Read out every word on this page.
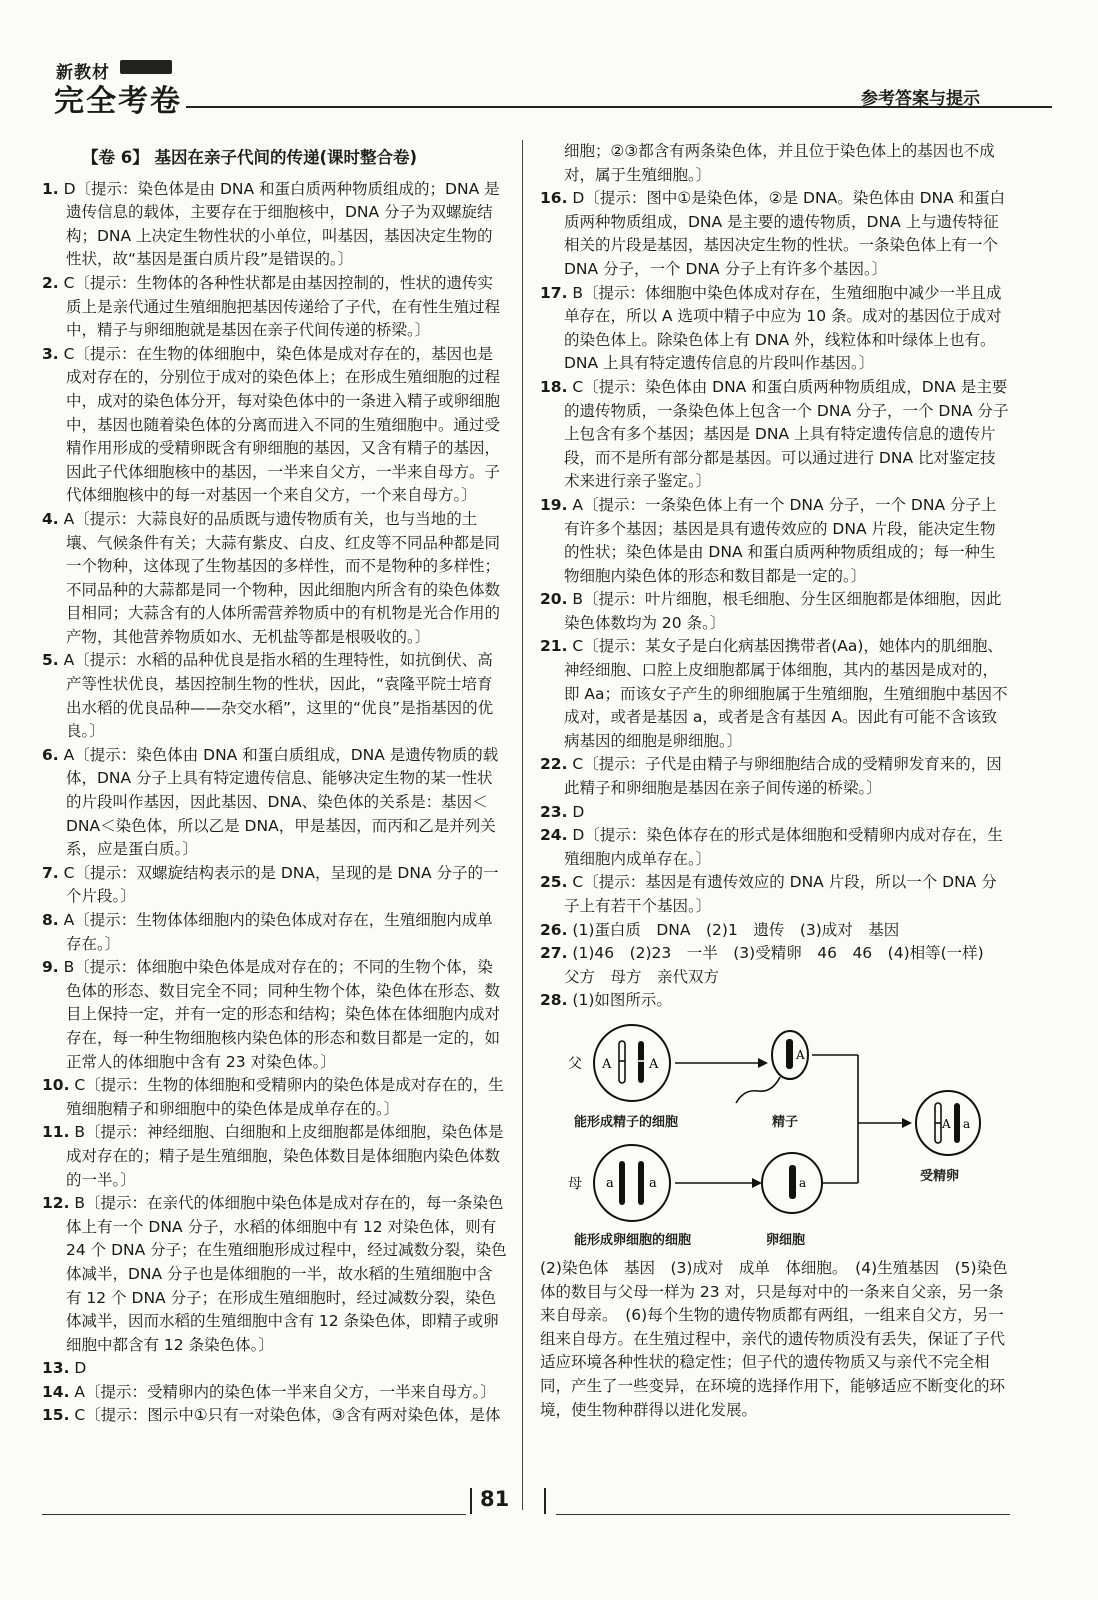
新教材
完全考卷	参考答案与提示
【卷 6】 基因在亲子代间的传递(课时整合卷)

1. D〔提示：染色体是由 DNA 和蛋白质两种物质组成的；DNA 是遗传信息的载体，主要存在于细胞核中，DNA 分子为双螺旋结构；DNA 上决定生物性状的小单位，叫基因，基因决定生物的性状，故“基因是蛋白质片段”是错误的。〕

2. C〔提示：生物体的各种性状都是由基因控制的，性状的遗传实质上是亲代通过生殖细胞把基因传递给了子代，在有性生殖过程中，精子与卵细胞就是基因在亲子代间传递的桥梁。〕

3. C〔提示：在生物的体细胞中，染色体是成对存在的，基因也是成对存在的，分别位于成对的染色体上；在形成生殖细胞的过程中，成对的染色体分开，每对染色体中的一条进入精子或卵细胞中，基因也随着染色体的分离而进入不同的生殖细胞中。通过受精作用形成的受精卵既含有卵细胞的基因，又含有精子的基因，因此子代体细胞核中的基因，一半来自父方，一半来自母方。子代体细胞核中的每一对基因一个来自父方，一个来自母方。〕

4. A〔提示：大蒜良好的品质既与遗传物质有关，也与当地的土壤、气候条件有关；大蒜有紫皮、白皮、红皮等不同品种都是同一个物种，这体现了生物基因的多样性，而不是物种的多样性；不同品种的大蒜都是同一个物种，因此细胞内所含有的染色体数目相同；大蒜含有的人体所需营养物质中的有机物是光合作用的产物，其他营养物质如水、无机盐等都是根吸收的。〕

5. A〔提示：水稻的品种优良是指水稻的生理特性，如抗倒伏、高产等性状优良，基因控制生物的性状，因此，“袁隆平院士培育出水稻的优良品种——杂交水稻”，这里的“优良”是指基因的优良。〕

6. A〔提示：染色体由 DNA 和蛋白质组成，DNA 是遗传物质的载体，DNA 分子上具有特定遗传信息、能够决定生物的某一性状的片段叫作基因，因此基因、DNA、染色体的关系是：基因＜DNA＜染色体，所以乙是 DNA，甲是基因，而丙和乙是并列关系，应是蛋白质。〕

7. C〔提示：双螺旋结构表示的是 DNA，呈现的是 DNA 分子的一个片段。〕

8. A〔提示：生物体体细胞内的染色体成对存在，生殖细胞内成单存在。〕

9. B〔提示：体细胞中染色体是成对存在的；不同的生物个体，染色体的形态、数目完全不同；同种生物个体，染色体在形态、数目上保持一定，并有一定的形态和结构；染色体在体细胞内成对存在，每一种生物细胞核内染色体的形态和数目都是一定的，如正常人的体细胞中含有 23 对染色体。〕

10. C〔提示：生物的体细胞和受精卵内的染色体是成对存在的，生殖细胞精子和卵细胞中的染色体是成单存在的。〕

11. B〔提示：神经细胞、白细胞和上皮细胞都是体细胞，染色体是成对存在的；精子是生殖细胞，染色体数目是体细胞内染色体数的一半。〕

12. B〔提示：在亲代的体细胞中染色体是成对存在的，每一条染色体上有一个 DNA 分子，水稻的体细胞中有 12 对染色体，则有 24 个 DNA 分子；在生殖细胞形成过程中，经过减数分裂，染色体减半，DNA 分子也是体细胞的一半，故水稻的生殖细胞中含有 12 个 DNA 分子；在形成生殖细胞时，经过减数分裂，染色体减半，因而水稻的生殖细胞中含有 12 条染色体，即精子或卵细胞中都含有 12 条染色体。〕

13. D

14. A〔提示：受精卵内的染色体一半来自父方，一半来自母方。〕

15. C〔提示：图示中①只有一对染色体，③含有两对染色体，是体

细胞；②③都含有两条染色体，并且位于染色体上的基因也不成对，属于生殖细胞。〕

16. D〔提示：图中①是染色体，②是 DNA。染色体由 DNA 和蛋白质两种物质组成，DNA 是主要的遗传物质，DNA 上与遗传特征相关的片段是基因，基因决定生物的性状。一条染色体上有一个 DNA 分子，一个 DNA 分子上有许多个基因。〕

17. B〔提示：体细胞中染色体成对存在，生殖细胞中减少一半且成单存在，所以 A 选项中精子中应为 10 条。成对的基因位于成对的染色体上。除染色体上有 DNA 外，线粒体和叶绿体上也有。DNA 上具有特定遗传信息的片段叫作基因。〕

18. C〔提示：染色体由 DNA 和蛋白质两种物质组成，DNA 是主要的遗传物质，一条染色体上包含一个 DNA 分子，一个 DNA 分子上包含有多个基因；基因是 DNA 上具有特定遗传信息的遗传片段，而不是所有部分都是基因。可以通过进行 DNA 比对鉴定技术来进行亲子鉴定。〕

19. A〔提示：一条染色体上有一个 DNA 分子，一个 DNA 分子上有许多个基因；基因是具有遗传效应的 DNA 片段，能决定生物的性状；染色体是由 DNA 和蛋白质两种物质组成的；每一种生物细胞内染色体的形态和数目都是一定的。〕

20. B〔提示：叶片细胞，根毛细胞、分生区细胞都是体细胞，因此染色体数均为 20 条。〕

21. C〔提示：某女子是白化病基因携带者(Aa)，她体内的肌细胞、神经细胞、口腔上皮细胞都属于体细胞，其内的基因是成对的，即 Aa；而该女子产生的卵细胞属于生殖细胞，生殖细胞中基因不成对，或者是基因 a，或者是含有基因 A。因此有可能不含该致病基因的细胞是卵细胞。〕

22. C〔提示：子代是由精子与卵细胞结合成的受精卵发育来的，因此精子和卵细胞是基因在亲子间传递的桥梁。〕

23. D

24. D〔提示：染色体存在的形式是体细胞和受精卵内成对存在，生殖细胞内成单存在。〕

25. C〔提示：基因是有遗传效应的 DNA 片段，所以一个 DNA 分子上有若干个基因。〕

26. (1)蛋白质　DNA　(2)1　遗传　(3)成对　基因

27. (1)46　(2)23　一半　(3)受精卵　46　46　(4)相等(一样)　父方　母方　亲代双方

28. (1)如图所示。

A	A
a	a
A
a
A a
父
母
能形成精子的细胞	精子
受精卵
能形成卵细胞的细胞	卵细胞

(2)染色体　基因　(3)成对　成单　体细胞。　(4)生殖基因　(5)染色体的数目与父母一样为 23 对，只是每对中的一条来自父亲，另一条来自母亲。　(6)每个生物的遗传物质都有两组，一组来自父方，另一组来自母方。在生殖过程中，亲代的遗传物质没有丢失，保证了子代适应环境各种性状的稳定性；但子代的遗传物质又与亲代不完全相同，产生了一些变异，在环境的选择作用下，能够适应不断变化的环境，使生物种群得以进化发展。

81
